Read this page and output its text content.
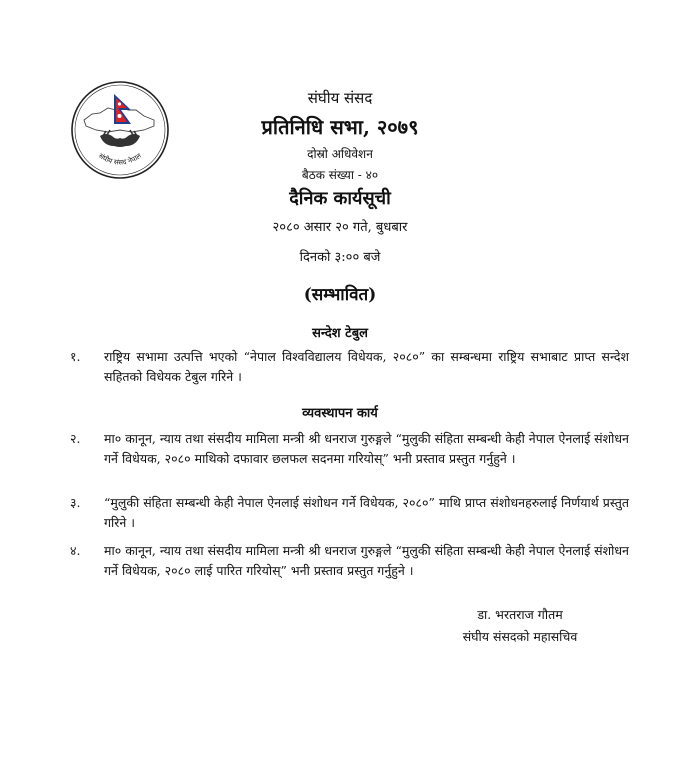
संघीय संसद नेपाल
संघीय संसद
प्रतिनिधि सभा, २०७९
दोस्रो अधिवेशन
बैठक संख्या - ४०
दैनिक कार्यसूची
२०८० असार २० गते, बुधबार
दिनको ३:०० बजे
(सम्भावित)
सन्देश टेबुल
१.	राष्ट्रिय सभामा उत्पत्ति भएको “नेपाल विश्वविद्यालय विधेयक, २०८०” का सम्बन्धमा राष्ट्रिय सभाबाट प्राप्त सन्देश सहितको विधेयक टेबुल गरिने ।
व्यवस्थापन कार्य
२.	मा० कानून, न्याय तथा संसदीय मामिला मन्त्री श्री धनराज गुरुङ्गले “मुलुकी संहिता सम्बन्धी केही नेपाल ऐनलाई संशोधन गर्ने विधेयक, २०८० माथिको दफावार छलफल सदनमा गरियोस्” भनी प्रस्ताव प्रस्तुत गर्नुहुने ।
३.	“मुलुकी संहिता सम्बन्धी केही नेपाल ऐनलाई संशोधन गर्ने विधेयक, २०८०” माथि प्राप्त संशोधनहरुलाई निर्णयार्थ प्रस्तुत गरिने ।
४.	मा० कानून, न्याय तथा संसदीय मामिला मन्त्री श्री धनराज गुरुङ्गले “मुलुकी संहिता सम्बन्धी केही नेपाल ऐनलाई संशोधन गर्ने विधेयक, २०८० लाई पारित गरियोस्” भनी प्रस्ताव प्रस्तुत गर्नुहुने ।
डा. भरतराज गौतम
संघीय संसदको महासचिव
